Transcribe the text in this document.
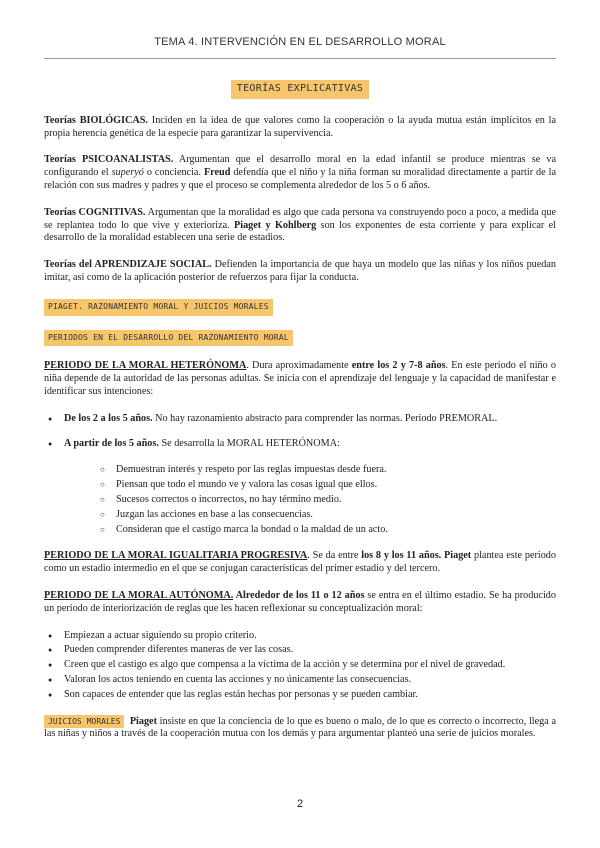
TEMA 4. INTERVENCIÓN EN EL DESARROLLO MORAL
TEORÍAS EXPLICATIVAS

Teorías BIOLÓGICAS. Inciden en la idea de que valores como la cooperación o la ayuda mutua están implícitos en la propia herencia genética de la especie para garantizar la supervivencia.

Teorías PSICOANALISTAS. Argumentan que el desarrollo moral en la edad infantil se produce mientras se va configurando el superyó o conciencia. Freud defendía que el niño y la niña forman su moralidad directamente a partir de la relación con sus madres y padres y que el proceso se complementa alrededor de los 5 o 6 años.

Teorías COGNITIVAS. Argumentan que la moralidad es algo que cada persona va construyendo poco a poco, a medida que se replantea todo lo que vive y exterioriza. Piaget y Kohlberg son los exponentes de esta corriente y para explicar el desarrollo de la moralidad establecen una serie de estadios.

Teorías del APRENDIZAJE SOCIAL. Defienden la importancia de que haya un modelo que las niñas y los niños puedan imitar, así como de la aplicación posterior de refuerzos para fijar la conducta.

PIAGET. RAZONAMIENTO MORAL Y JUICIOS MORALES
PERIODOS EN EL DESARROLLO DEL RAZONAMIENTO MORAL

PERIODO DE LA MORAL HETERÓNOMA. Dura aproximadamente entre los 2 y 7-8 años. En este periodo el niño o niña depende de la autoridad de las personas adultas. Se inicia con el aprendizaje del lenguaje y la capacidad de manifestar e identificar sus intenciones:

● De los 2 a los 5 años. No hay razonamiento abstracto para comprender las normas. Periodo PREMORAL.
● A partir de los 5 años. Se desarrolla la MORAL HETERÓNOMA:
○ Demuestran interés y respeto por las reglas impuestas desde fuera.
○ Piensan que todo el mundo ve y valora las cosas igual que ellos.
○ Sucesos correctos o incorrectos, no hay término medio.
○ Juzgan las acciones en base a las consecuencias.
○ Consideran que el castigo marca la bondad o la maldad de un acto.

PERIODO DE LA MORAL IGUALITARIA PROGRESIVA. Se da entre los 8 y los 11 años. Piaget plantea este periodo como un estadio intermedio en el que se conjugan características del primer estadio y del tercero.

PERIODO DE LA MORAL AUTÓNOMA. Alrededor de los 11 o 12 años se entra en el último estadio. Se ha producido un periodo de interiorización de reglas que les hacen reflexionar su conceptualización moral:

● Empiezan a actuar siguiendo su propio criterio.
● Pueden comprender diferentes maneras de ver las cosas.
● Creen que el castigo es algo que compensa a la víctima de la acción y se determina por el nivel de gravedad.
● Valoran los actos teniendo en cuenta las acciones y no únicamente las consecuencias.
● Son capaces de entender que las reglas están hechas por personas y se pueden cambiar.

JUICIOS MORALES Piaget insiste en que la conciencia de lo que es bueno o malo, de lo que es correcto o incorrecto, llega a las niñas y niños a través de la cooperación mutua con los demás y para argumentar planteó una serie de juicios morales.

2
